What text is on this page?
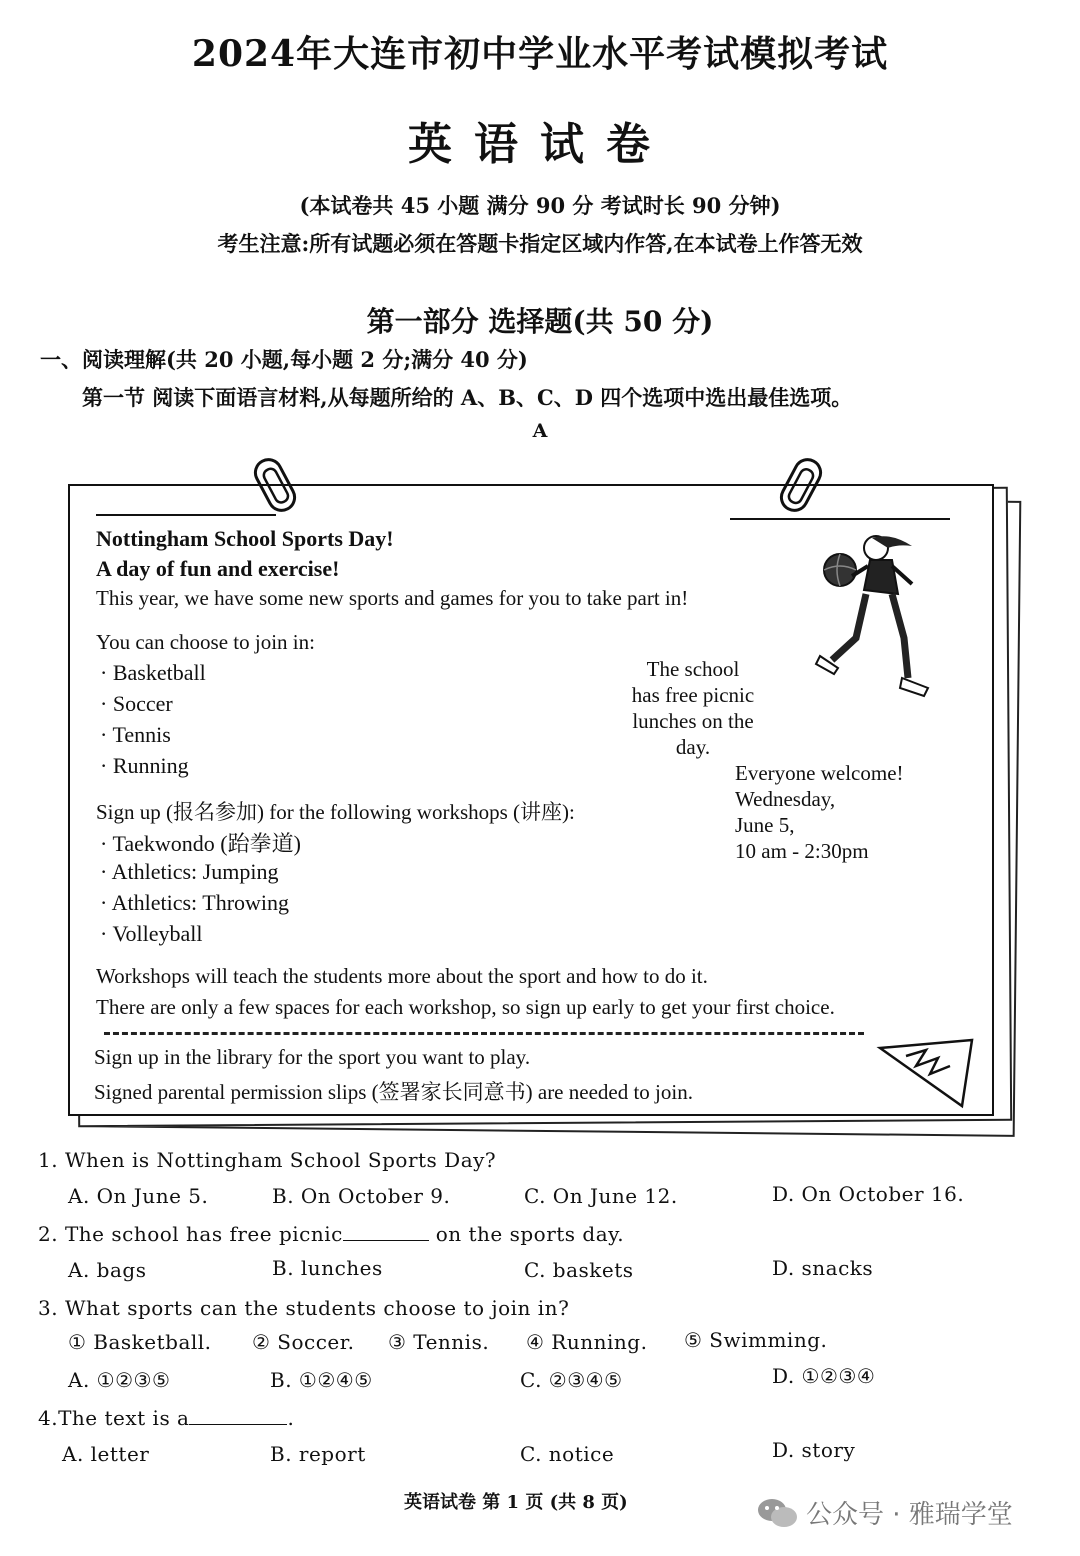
2024年大连市初中学业水平考试模拟考试
英语试卷
(本试卷共 45 小题 满分 90 分 考试时长 90 分钟)
考生注意:所有试题必须在答题卡指定区域内作答,在本试卷上作答无效
第一部分 选择题(共 50 分)
一、阅读理解(共 20 小题,每小题 2 分;满分 40 分)
第一节 阅读下面语言材料,从每题所给的 A、B、C、D 四个选项中选出最佳选项。
A
Nottingham School Sports Day!
A day of fun and exercise!
This year, we have some new sports and games for you to take part in!
You can choose to join in:
· Basketball
· Soccer
· Tennis
· Running
Sign up (报名参加) for the following workshops (讲座):
· Taekwondo (跆拳道)
· Athletics: Jumping
· Athletics: Throwing
· Volleyball
Workshops will teach the students more about the sport and how to do it.
There are only a few spaces for each workshop, so sign up early to get your first choice.
Sign up in the library for the sport you want to play.
Signed parental permission slips (签署家长同意书) are needed to join.
The school
has free picnic
lunches on the
day.
Everyone welcome!
Wednesday,
June 5,
10 am - 2:30pm
1. When is Nottingham School Sports Day?
A. On June 5.	B. On October 9.	C. On June 12.	D. On October 16.
2. The school has free picnic	on the sports day.
A. bags	B. lunches	C. baskets	D. snacks
3. What sports can the students choose to join in?
① Basketball. ② Soccer. ③ Tennis. ④ Running. ⑤ Swimming.
A. ①②③⑤	B. ①②④⑤	C. ②③④⑤	D. ①②③④
4.The text is a	.
A. letter	B. report	C. notice	D. story
英语试卷 第 1 页 (共 8 页)	公众号 · 雅瑞学堂
